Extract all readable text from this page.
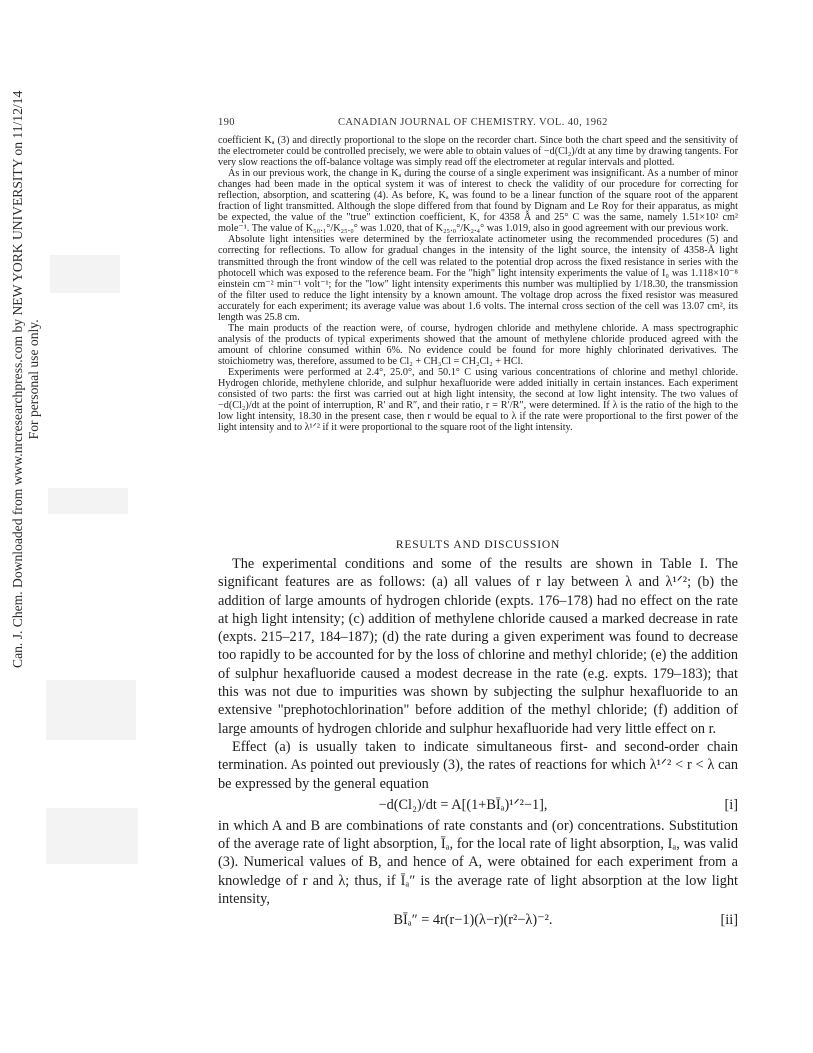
Can. J. Chem. Downloaded from www.nrcresearchpress.com by NEW YORK UNIVERSITY on 11/12/14 For personal use only.
190	CANADIAN JOURNAL OF CHEMISTRY. VOL. 40, 1962

coefficient Kₐ (3) and directly proportional to the slope on the recorder chart. Since both the chart speed and the sensitivity of the electrometer could be controlled precisely, we were able to obtain values of −d(Cl₂)/dt at any time by drawing tangents. For very slow reactions the off-balance voltage was simply read off the electrometer at regular intervals and plotted.

As in our previous work, the change in Kₐ during the course of a single experiment was insignificant. As a number of minor changes had been made in the optical system it was of interest to check the validity of our procedure for correcting for reflection, absorption, and scattering (4). As before, Kₐ was found to be a linear function of the square root of the apparent fraction of light transmitted. Although the slope differed from that found by Dignam and Le Roy for their apparatus, as might be expected, the value of the "true" extinction coefficient, K, for 4358 Å and 25° C was the same, namely 1.51×10² cm² mole⁻¹. The value of K₅₀.₁°/K₂₅.₀° was 1.020, that of K₂₅.₀°/K₂.₄° was 1.019, also in good agreement with our previous work.

Absolute light intensities were determined by the ferrioxalate actinometer using the recommended procedures (5) and correcting for reflections. To allow for gradual changes in the intensity of the light source, the intensity of 4358-Å light transmitted through the front window of the cell was related to the potential drop across the fixed resistance in series with the photocell which was exposed to the reference beam. For the "high" light intensity experiments the value of I₀ was 1.118×10⁻⁸ einstein cm⁻² min⁻¹ volt⁻¹; for the "low" light intensity experiments this number was multiplied by 1/18.30, the transmission of the filter used to reduce the light intensity by a known amount. The voltage drop across the fixed resistor was measured accurately for each experiment; its average value was about 1.6 volts. The internal cross section of the cell was 13.07 cm², its length was 25.8 cm.

The main products of the reaction were, of course, hydrogen chloride and methylene chloride. A mass spectrographic analysis of the products of typical experiments showed that the amount of methylene chloride produced agreed with the amount of chlorine consumed within 6%. No evidence could be found for more highly chlorinated derivatives. The stoichiometry was, therefore, assumed to be Cl₂ + CH₃Cl = CH₂Cl₂ + HCl.

Experiments were performed at 2.4°, 25.0°, and 50.1° C using various concentrations of chlorine and methyl chloride. Hydrogen chloride, methylene chloride, and sulphur hexafluoride were added initially in certain instances. Each experiment consisted of two parts: the first was carried out at high light intensity, the second at low light intensity. The two values of −d(Cl₂)/dt at the point of interruption, R′ and R″, and their ratio, r = R′/R″, were determined. If λ is the ratio of the high to the low light intensity, 18.30 in the present case, then r would be equal to λ if the rate were proportional to the first power of the light intensity and to λ¹ᐟ² if it were proportional to the square root of the light intensity.

RESULTS AND DISCUSSION

The experimental conditions and some of the results are shown in Table I. The significant features are as follows: (a) all values of r lay between λ and λ¹ᐟ²; (b) the addition of large amounts of hydrogen chloride (expts. 176–178) had no effect on the rate at high light intensity; (c) addition of methylene chloride caused a marked decrease in rate (expts. 215–217, 184–187); (d) the rate during a given experiment was found to decrease too rapidly to be accounted for by the loss of chlorine and methyl chloride; (e) the addition of sulphur hexafluoride caused a modest decrease in the rate (e.g. expts. 179–183); that this was not due to impurities was shown by subjecting the sulphur hexafluoride to an extensive "prephotochlorination" before addition of the methyl chloride; (f) addition of large amounts of hydrogen chloride and sulphur hexafluoride had very little effect on r.

Effect (a) is usually taken to indicate simultaneous first- and second-order chain termination. As pointed out previously (3), the rates of reactions for which λ¹ᐟ² < r < λ can be expressed by the general equation

−d(Cl₂)/dt = A[(1+BĪₐ)¹ᐟ²−1],	[i]

in which A and B are combinations of rate constants and (or) concentrations. Substitution of the average rate of light absorption, Īₐ, for the local rate of light absorption, Iₐ, was valid (3). Numerical values of B, and hence of A, were obtained for each experiment from a knowledge of r and λ; thus, if Īₐ″ is the average rate of light absorption at the low light intensity,

BĪₐ″ = 4r(r−1)(λ−r)(r²−λ)⁻².	[ii]
